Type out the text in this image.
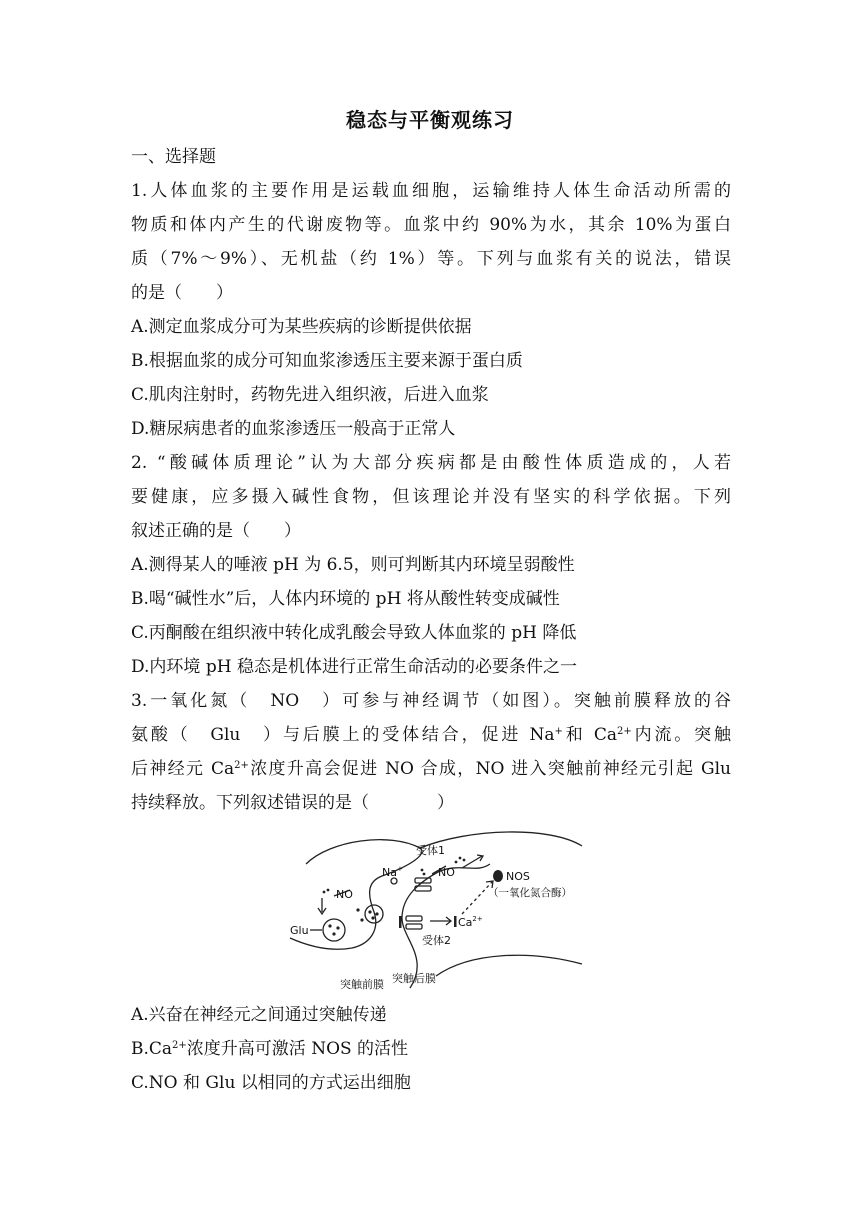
稳态与平衡观练习
一、选择题
1.人体血浆的主要作用是运载血细胞，运输维持人体生命活动所需的
物质和体内产生的代谢废物等。血浆中约 90%为水，其余 10%为蛋白
质（7%～9%）、无机盐（约 1%）等。下列与血浆有关的说法，错误
的是（　　）
A.测定血浆成分可为某些疾病的诊断提供依据
B.根据血浆的成分可知血浆渗透压主要来源于蛋白质
C.肌肉注射时，药物先进入组织液，后进入血浆
D.糖尿病患者的血浆渗透压一般高于正常人
2. “酸碱体质理论”认为大部分疾病都是由酸性体质造成的，人若
要健康，应多摄入碱性食物，但该理论并没有坚实的科学依据。下列
叙述正确的是（　　）
A.测得某人的唾液 pH 为 6.5，则可判断其内环境呈弱酸性
B.喝“碱性水”后，人体内环境的 pH 将从酸性转变成碱性
C.丙酮酸在组织液中转化成乳酸会导致人体血浆的 pH 降低
D.内环境 pH 稳态是机体进行正常生命活动的必要条件之一
3.一氧化氮（　NO　）可参与神经调节（如图）。突触前膜释放的谷
氨酸（　Glu　）与后膜上的受体结合，促进 Na+和 $Ca^{2+}$内流。突触
后神经元 $Ca^{2+}$浓度升高会促进 NO 合成，NO 进入突触前神经元引起 Glu
持续释放。下列叙述错误的是（　　　　）
Na+
受体1
NO	NOS
（一氧化氮合酶）
NO
Glu
$Ca^{2+}$
受体2
突触前膜 突触后膜
A.兴奋在神经元之间通过突触传递
$B.Ca^{2+}$浓度升高可激活 NOS 的活性
C.NO 和 Glu 以相同的方式运出细胞
